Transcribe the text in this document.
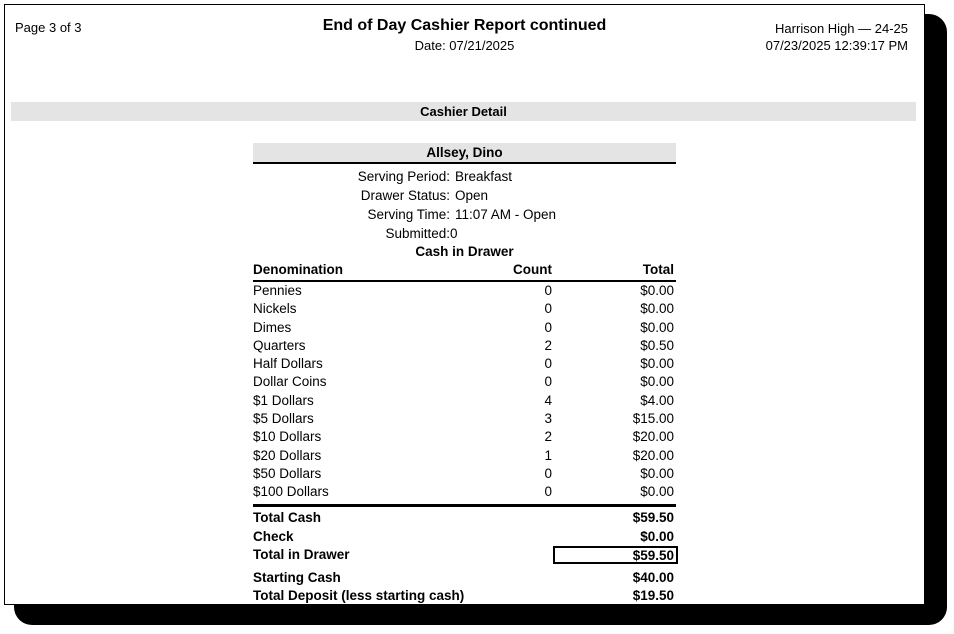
Page 3 of 3	End of Day Cashier Report continued
Date: 07/21/2025
Harrison High — 24-25
07/23/2025 12:39:17 PM
Cashier Detail
Allsey, Dino
Serving Period: Breakfast
Drawer Status: Open
Serving Time: 11:07 AM - Open
Submitted: 0
Cash in Drawer
Denomination	Count	Total
Pennies	0	$0.00
Nickels	0	$0.00
Dimes	0	$0.00
Quarters	2	$0.50
Half Dollars	0	$0.00
Dollar Coins	0	$0.00
$1 Dollars	4	$4.00
$5 Dollars	3	$15.00
$10 Dollars	2	$20.00
$20 Dollars	1	$20.00
$50 Dollars	0	$0.00
$100 Dollars	0	$0.00
Total Cash	$59.50
Check	$0.00
Total in Drawer	$59.50
Starting Cash	$40.00
Total Deposit (less starting cash)	$19.50
